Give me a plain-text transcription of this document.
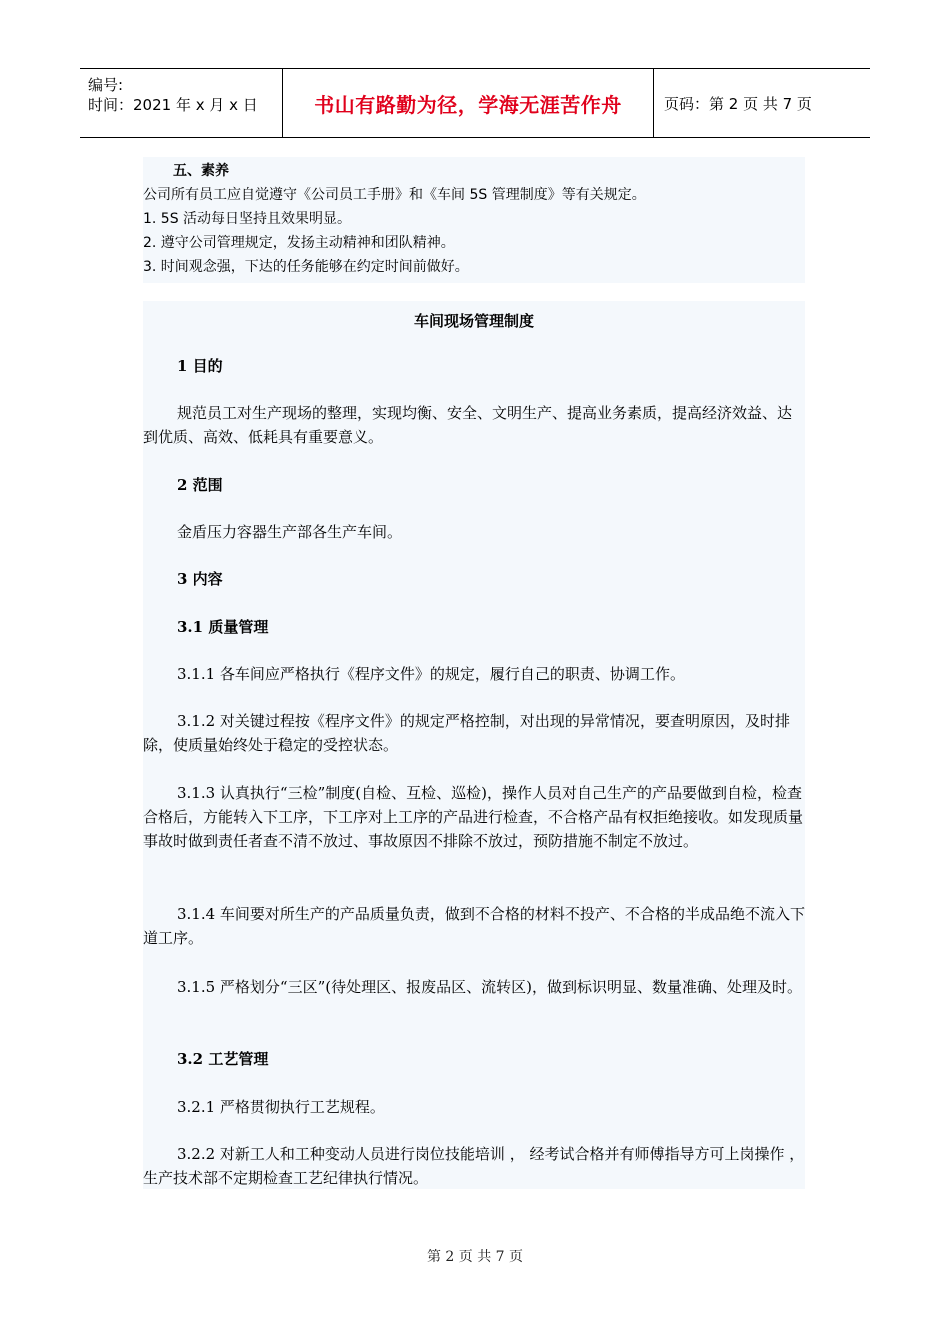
编号:
时间：2021 年 x 月 x 日	书山有路勤为径，学海无涯苦作舟	页码：第 2 页 共 7 页
五、素养
公司所有员工应自觉遵守《公司员工手册》和《车间 5S 管理制度》等有关规定。
1. 5S 活动每日坚持且效果明显。
2. 遵守公司管理规定，发扬主动精神和团队精神。
3. 时间观念强，下达的任务能够在约定时间前做好。

车间现场管理制度

1 目的

规范员工对生产现场的整理，实现均衡、安全、文明生产、提高业务素质，提高经济效益、达到优质、高效、低耗具有重要意义。

2 范围

金盾压力容器生产部各生产车间。

3 内容

3.1 质量管理

3.1.1 各车间应严格执行《程序文件》的规定，履行自己的职责、协调工作。

3.1.2 对关键过程按《程序文件》的规定严格控制，对出现的异常情况，要查明原因，及时排除，使质量始终处于稳定的受控状态。

3.1.3 认真执行“三检”制度(自检、互检、巡检)，操作人员对自己生产的产品要做到自检，检查合格后，方能转入下工序，下工序对上工序的产品进行检查，不合格产品有权拒绝接收。如发现质量事故时做到责任者查不清不放过、事故原因不排除不放过，预防措施不制定不放过。

3.1.4 车间要对所生产的产品质量负责，做到不合格的材料不投产、不合格的半成品绝不流入下道工序。

3.1.5 严格划分“三区”(待处理区、报废品区、流转区)，做到标识明显、数量准确、处理及时。

3.2 工艺管理

3.2.1 严格贯彻执行工艺规程。

3.2.2 对新工人和工种变动人员进行岗位技能培训 ， 经考试合格并有师傅指导方可上岗操作 ， 生产技术部不定期检查工艺纪律执行情况。

第 2 页 共 7 页
